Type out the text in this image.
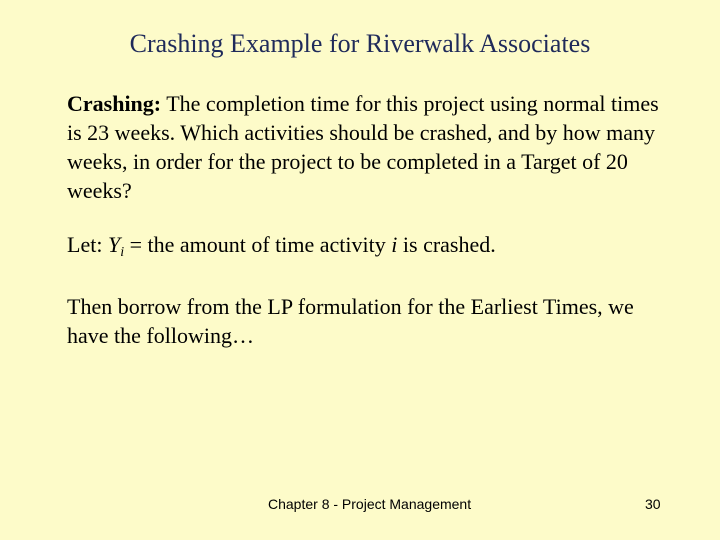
Crashing Example for Riverwalk Associates

Crashing: The completion time for this project using normal times is 23 weeks. Which activities should be crashed, and by how many weeks, in order for the project to be completed in a Target of 20 weeks?

Let: $Y_i$ = the amount of time activity i is crashed.

Then borrow from the LP formulation for the Earliest Times, we have the following…

Chapter 8 - Project Management	30
